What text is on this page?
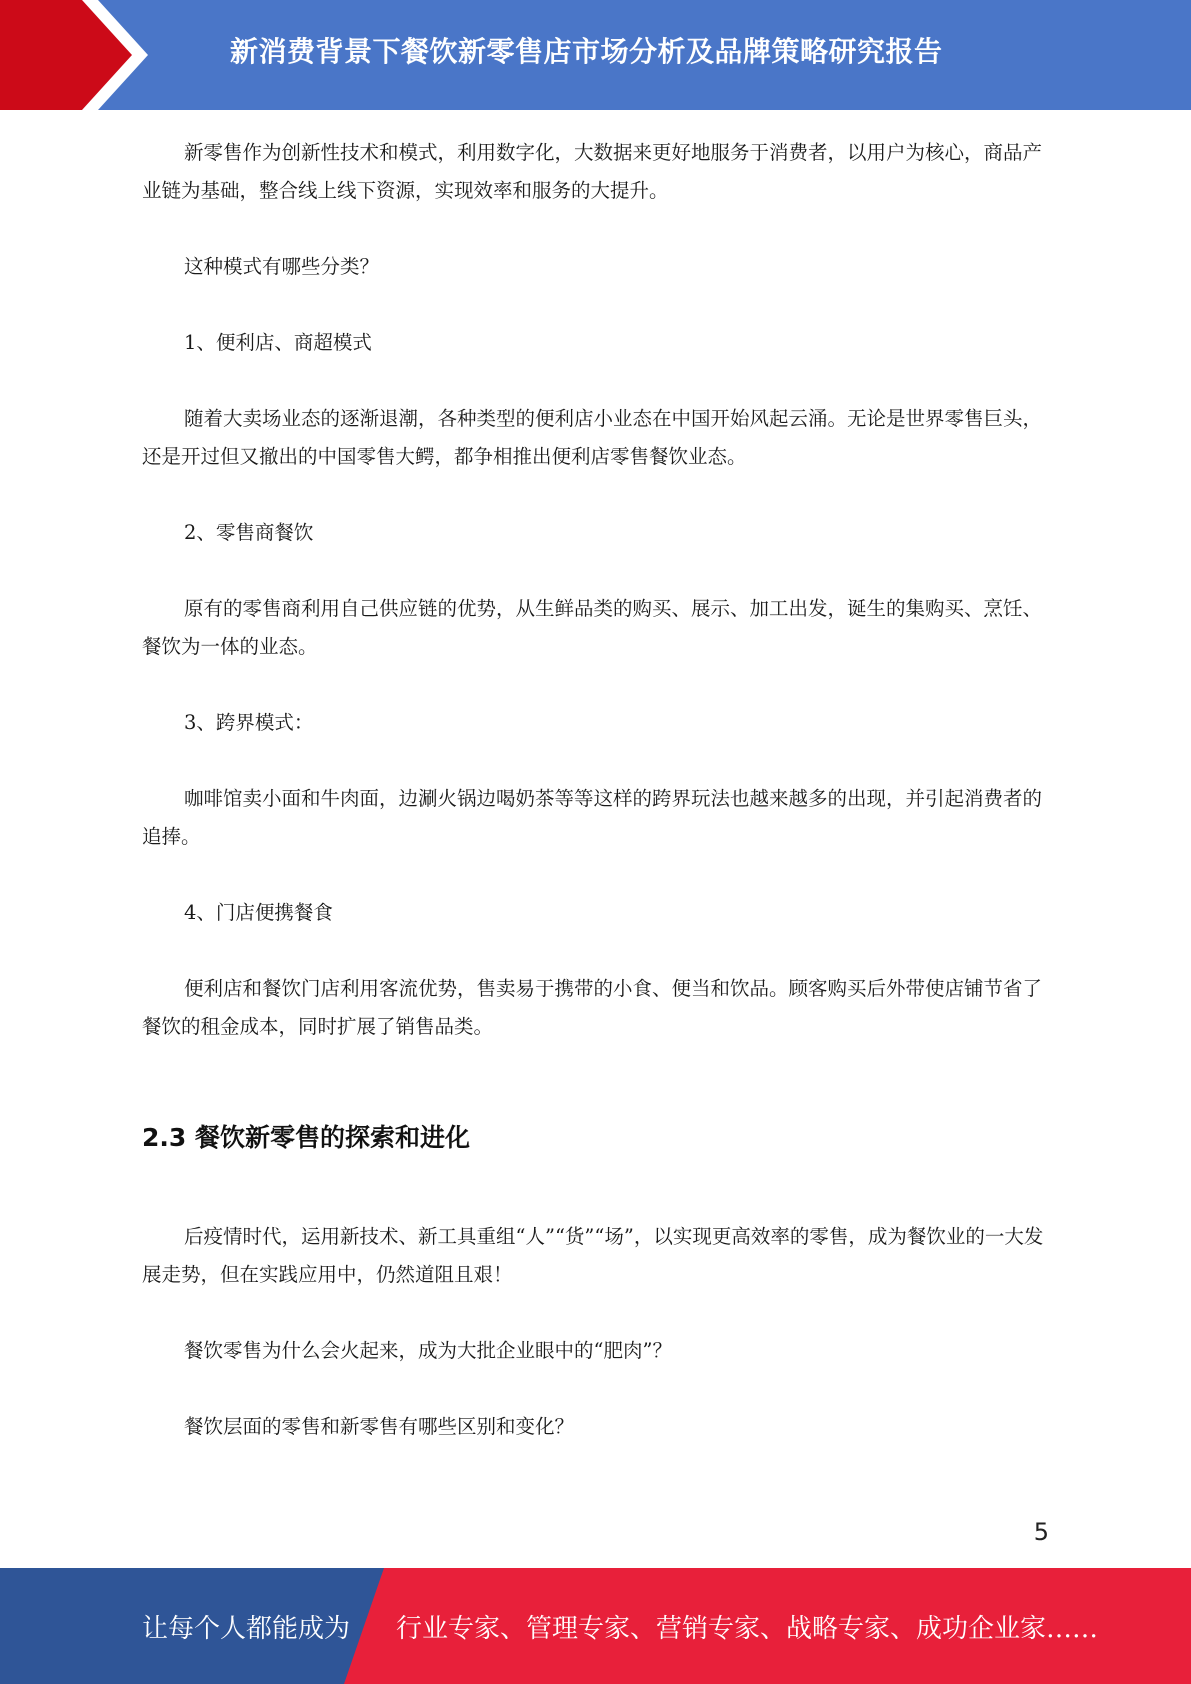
新消费背景下餐饮新零售店市场分析及品牌策略研究报告

新零售作为创新性技术和模式，利用数字化，大数据来更好地服务于消费者，以用户为核心，商品产业链为基础，整合线上线下资源，实现效率和服务的大提升。

这种模式有哪些分类？

1、便利店、商超模式

随着大卖场业态的逐渐退潮，各种类型的便利店小业态在中国开始风起云涌。无论是世界零售巨头，还是开过但又撤出的中国零售大鳄，都争相推出便利店零售餐饮业态。

2、零售商餐饮

原有的零售商利用自己供应链的优势，从生鲜品类的购买、展示、加工出发，诞生的集购买、烹饪、餐饮为一体的业态。

3、跨界模式：

咖啡馆卖小面和牛肉面，边涮火锅边喝奶茶等等这样的跨界玩法也越来越多的出现，并引起消费者的追捧。

4、门店便携餐食

便利店和餐饮门店利用客流优势，售卖易于携带的小食、便当和饮品。顾客购买后外带使店铺节省了餐饮的租金成本，同时扩展了销售品类。

2.3 餐饮新零售的探索和进化

后疫情时代，运用新技术、新工具重组“人”“货”“场”，以实现更高效率的零售，成为餐饮业的一大发展走势，但在实践应用中，仍然道阻且艰！

餐饮零售为什么会火起来，成为大批企业眼中的“肥肉”？

餐饮层面的零售和新零售有哪些区别和变化？

5
让每个人都能成为 行业专家、管理专家、营销专家、战略专家、成功企业家……
